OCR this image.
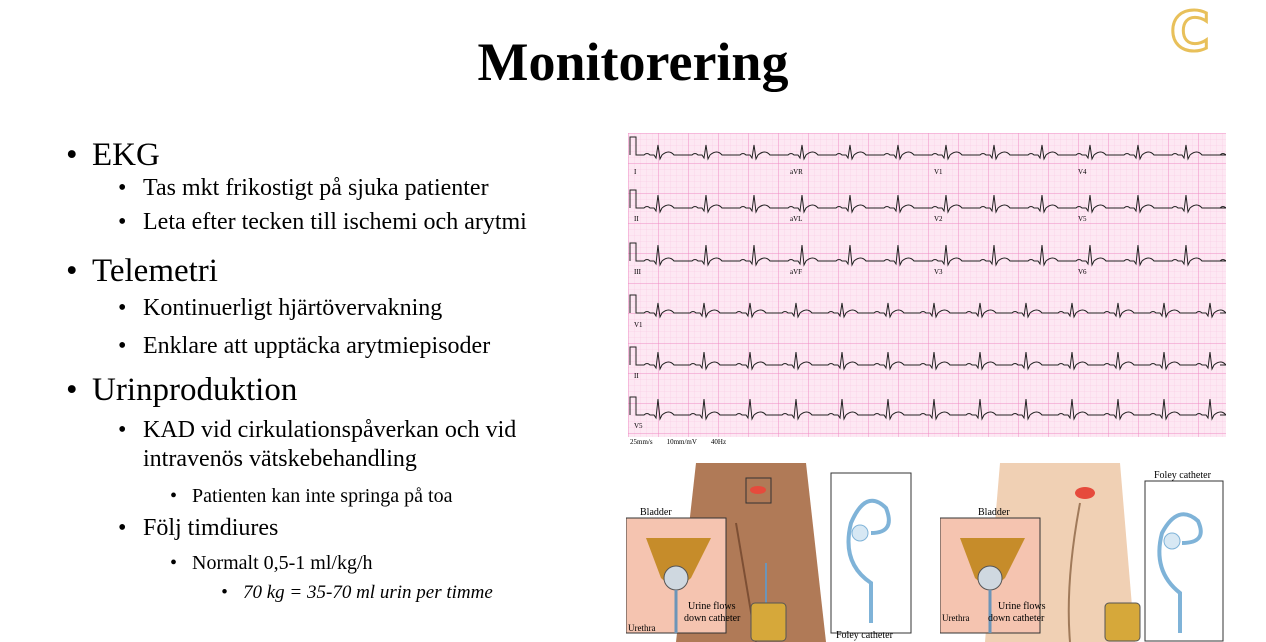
C
Monitorering
• EKG
• Tas mkt frikostigt på sjuka patienter
• Leta efter tecken till ischemi och arytmi
• Telemetri
• Kontinuerligt hjärtövervakning
• Enklare att upptäcka arytmiepisoder
• Urinproduktion
• KAD vid cirkulationspåverkan och vid
intravenös vätskebehandling
• Patienten kan inte springa på toa
• Följ timdiures
• Normalt 0,5-1 ml/kg/h
• 70 kg = 35-70 ml urin per timme
I	aVR	V1	V4
II	aVL	V2	V5
III	aVF	V3	V6
V1
II
V5
25mm/s 10mm/mV 40Hz
Bladder
Urethra
Urine flows
down catheter
Foley catheter
Bladder
Urethra
Urine flows
down catheter
Foley catheter
